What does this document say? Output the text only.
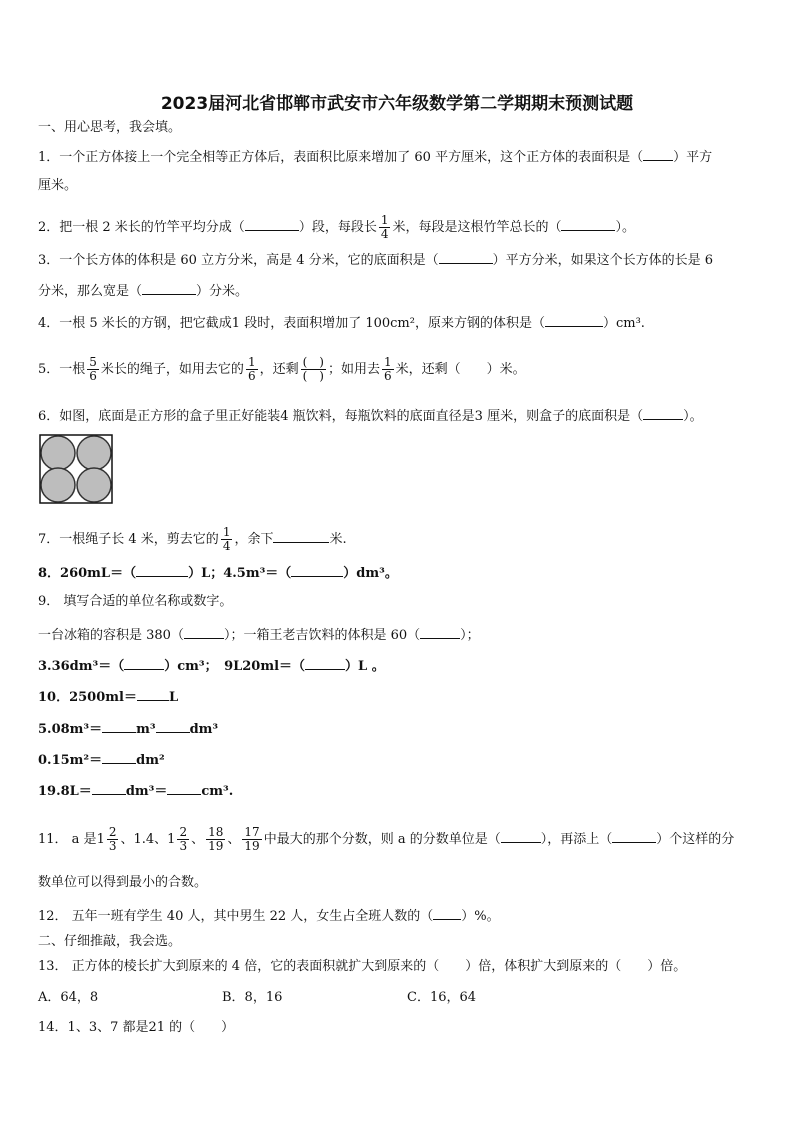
2023届河北省邯郸市武安市六年级数学第二学期期末预测试题
一、用心思考，我会填。
1．一个正方体接上一个完全相等正方体后，表面积比原来增加了 60 平方厘米，这个正方体的表面积是（ ）平方
厘米。
2．把一根 2 米长的竹竿平均分成（	）段，每段长 $\frac{1}{4}$ 米，每段是这根竹竿总长的（	）。
3．一个长方体的体积是 60 立方分米，高是 4 分米，它的底面积是（	）平方分米，如果这个长方体的长是 6
分米，那么宽是（	）分米。
4．一根 5 米长的方钢，把它截成1 段时，表面积增加了 100cm²，原来方钢的体积是（	）cm³.
5．一根 $\frac{5}{6}$ 米长的绳子，如用去它的 $\frac{1}{6}$ ，还剩 $\frac{( )}{( )}$ ；如用去 $\frac{1}{6}$ 米，还剩（　　）米。
6．如图，底面是正方形的盒子里正好能装4 瓶饮料，每瓶饮料的底面直径是3 厘米，则盒子的底面积是（	）。
7．一根绳子长 4 米，剪去它的 $\frac{1}{4}$ ，余下	米.
8．260mL＝（	）L；4.5m³＝（	）dm³。
9． 填写合适的单位名称或数字。
一台冰箱的容积是 380（	）；一箱王老吉饮料的体积是 60（	）；
3.36dm³＝（	）cm³；　9L20ml＝（	）L 。
10．2500ml＝ L
5.08m³＝	m³	dm³
0.15m²＝	dm²
19.8L＝	dm³＝	cm³.
11． a 是 $1 \frac{2}{3}$ 、1.4、 $1 \frac{2}{3}$ 、 $\frac{18}{19}$ 、 $\frac{17}{19}$ 中最大的那个分数，则 a 的分数单位是（	），再添上（	）个这样的分
数单位可以得到最小的合数。
12． 五年一班有学生 40 人，其中男生 22 人，女生占全班人数的（ ）%。
二、仔细推敲，我会选。
13． 正方体的棱长扩大到原来的 4 倍，它的表面积就扩大到原来的（　　）倍，体积扩大到原来的（　　）倍。
A．64，8	B．8，16	C．16，64
14．1、3、7 都是21 的（　　）
